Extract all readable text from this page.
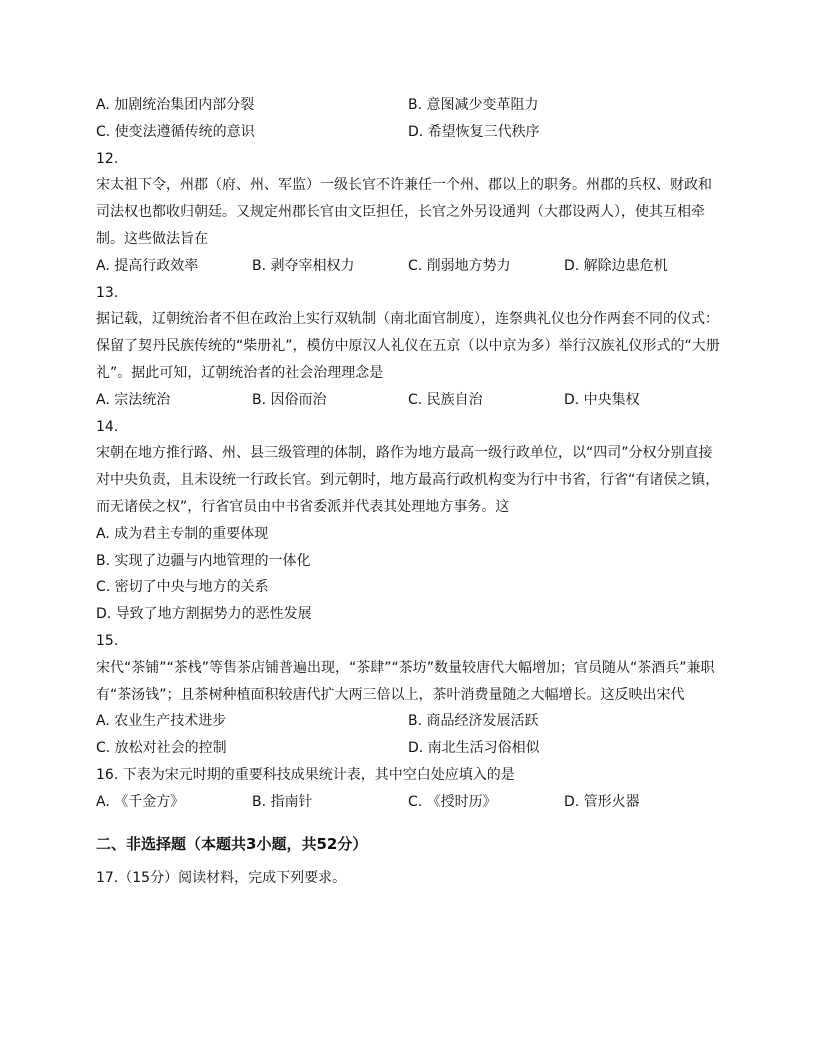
A. 加剧统治集团内部分裂	B. 意图减少变革阻力
C. 使变法遵循传统的意识	D. 希望恢复三代秩序
12.
宋太祖下令，州郡（府、州、军监）一级长官不许兼任一个州、郡以上的职务。州郡的兵权、财政和司法权也都收归朝廷。又规定州郡长官由文臣担任，长官之外另设通判（大郡设两人），使其互相牵制。这些做法旨在
A. 提高行政效率	B. 剥夺宰相权力	C. 削弱地方势力	D. 解除边患危机
13.
据记载，辽朝统治者不但在政治上实行双轨制（南北面官制度），连祭典礼仪也分作两套不同的仪式：保留了契丹民族传统的“柴册礼”，模仿中原汉人礼仪在五京（以中京为多）举行汉族礼仪形式的“大册礼”。据此可知，辽朝统治者的社会治理理念是
A. 宗法统治	B. 因俗而治	C. 民族自治	D. 中央集权
14.
宋朝在地方推行路、州、县三级管理的体制，路作为地方最高一级行政单位，以“四司”分权分别直接对中央负责，且未设统一行政长官。到元朝时，地方最高行政机构变为行中书省，行省“有诸侯之镇，而无诸侯之权”，行省官员由中书省委派并代表其处理地方事务。这
A. 成为君主专制的重要体现
B. 实现了边疆与内地管理的一体化
C. 密切了中央与地方的关系
D. 导致了地方割据势力的恶性发展
15.
宋代“茶铺”“茶栈”等售茶店铺普遍出现，“茶肆”“茶坊”数量较唐代大幅增加；官员随从“茶酒兵”兼职有“茶汤钱”；且茶树种植面积较唐代扩大两三倍以上，茶叶消费量随之大幅增长。这反映出宋代
A. 农业生产技术进步	B. 商品经济发展活跃
C. 放松对社会的控制	D. 南北生活习俗相似
16. 下表为宋元时期的重要科技成果统计表，其中空白处应填入的是
A. 《千金方》	B. 指南针	C. 《授时历》	D. 管形火器
二、非选择题（本题共3小题，共52分）
17.（15分）阅读材料，完成下列要求。
